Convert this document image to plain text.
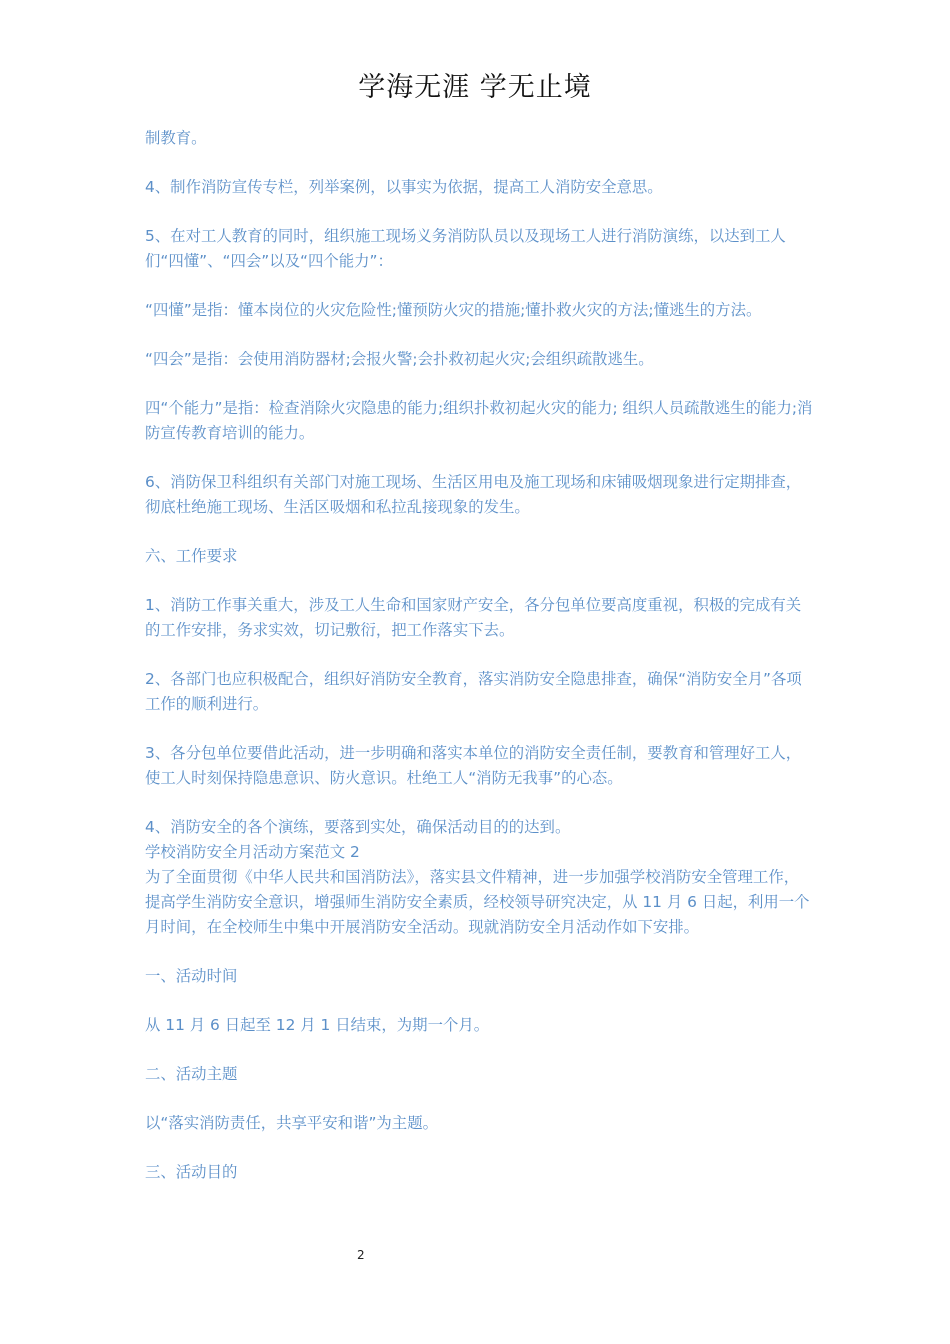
学海无涯 学无止境

制教育。

4、制作消防宣传专栏，列举案例，以事实为依据，提高工人消防安全意思。

5、在对工人教育的同时，组织施工现场义务消防队员以及现场工人进行消防演练，以达到工人们“四懂”、“四会”以及“四个能力”：

“四懂”是指：懂本岗位的火灾危险性;懂预防火灾的措施;懂扑救火灾的方法;懂逃生的方法。

“四会”是指：会使用消防器材;会报火警;会扑救初起火灾;会组织疏散逃生。

四“个能力”是指：检查消除火灾隐患的能力;组织扑救初起火灾的能力; 组织人员疏散逃生的能力;消防宣传教育培训的能力。

6、消防保卫科组织有关部门对施工现场、生活区用电及施工现场和床铺吸烟现象进行定期排查，彻底杜绝施工现场、生活区吸烟和私拉乱接现象的发生。

六、工作要求

1、消防工作事关重大，涉及工人生命和国家财产安全，各分包单位要高度重视，积极的完成有关的工作安排，务求实效，切记敷衍，把工作落实下去。

2、各部门也应积极配合，组织好消防安全教育，落实消防安全隐患排查，确保“消防安全月”各项工作的顺利进行。

3、各分包单位要借此活动，进一步明确和落实本单位的消防安全责任制，要教育和管理好工人，使工人时刻保持隐患意识、防火意识。杜绝工人“消防无我事”的心态。

4、消防安全的各个演练，要落到实处，确保活动目的的达到。

学校消防安全月活动方案范文 2

为了全面贯彻《中华人民共和国消防法》，落实县文件精神，进一步加强学校消防安全管理工作，提高学生消防安全意识，增强师生消防安全素质，经校领导研究决定，从 11 月 6 日起，利用一个月时间，在全校师生中集中开展消防安全活动。现就消防安全月活动作如下安排。

一、活动时间

从 11 月 6 日起至 12 月 1 日结束，为期一个月。

二、活动主题

以“落实消防责任，共享平安和谐”为主题。

三、活动目的

2
